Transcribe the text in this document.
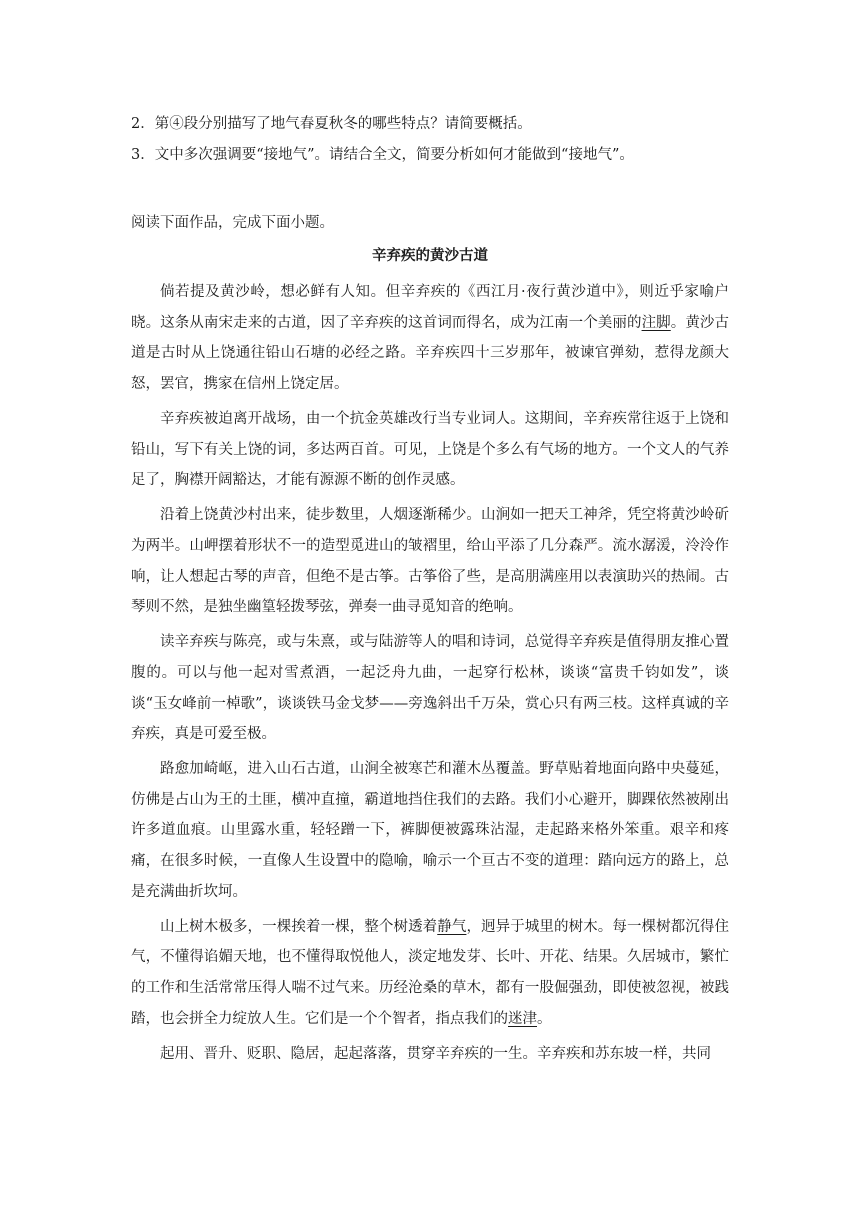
2．第④段分别描写了地气春夏秋冬的哪些特点？请简要概括。
3．文中多次强调要“接地气”。请结合全文，简要分析如何才能做到“接地气”。
阅读下面作品，完成下面小题。
辛弃疾的黄沙古道

倘若提及黄沙岭，想必鲜有人知。但辛弃疾的《西江月·夜行黄沙道中》，则近乎家喻户晓。这条从南宋走来的古道，因了辛弃疾的这首词而得名，成为江南一个美丽的注脚。黄沙古道是古时从上饶通往铅山石塘的必经之路。辛弃疾四十三岁那年，被谏官弹劾，惹得龙颜大怒，罢官，携家在信州上饶定居。

辛弃疾被迫离开战场，由一个抗金英雄改行当专业词人。这期间，辛弃疾常往返于上饶和铅山，写下有关上饶的词，多达两百首。可见，上饶是个多么有气场的地方。一个文人的气养足了，胸襟开阔豁达，才能有源源不断的创作灵感。

沿着上饶黄沙村出来，徒步数里，人烟逐渐稀少。山涧如一把天工神斧，凭空将黄沙岭斫为两半。山岬摆着形状不一的造型觅进山的皱褶里，给山平添了几分森严。流水潺湲，泠泠作响，让人想起古琴的声音，但绝不是古筝。古筝俗了些，是高朋满座用以表演助兴的热闹。古琴则不然，是独坐幽篁轻拨琴弦，弹奏一曲寻觅知音的绝响。

读辛弃疾与陈亮，或与朱熹，或与陆游等人的唱和诗词，总觉得辛弃疾是值得朋友推心置腹的。可以与他一起对雪煮酒，一起泛舟九曲，一起穿行松林，谈谈“富贵千钧如发”，谈谈“玉女峰前一棹歌”，谈谈铁马金戈梦——旁逸斜出千万朵，赏心只有两三枝。这样真诚的辛弃疾，真是可爱至极。

路愈加崎岖，进入山石古道，山涧全被寒芒和灌木丛覆盖。野草贴着地面向路中央蔓延，仿佛是占山为王的土匪，横冲直撞，霸道地挡住我们的去路。我们小心避开，脚踝依然被剐出许多道血痕。山里露水重，轻轻蹭一下，裤脚便被露珠沾湿，走起路来格外笨重。艰辛和疼痛，在很多时候，一直像人生设置中的隐喻，喻示一个亘古不变的道理：踏向远方的路上，总是充满曲折坎坷。

山上树木极多，一棵挨着一棵，整个树透着静气，迥异于城里的树木。每一棵树都沉得住气，不懂得谄媚天地，也不懂得取悦他人，淡定地发芽、长叶、开花、结果。久居城市，繁忙的工作和生活常常压得人喘不过气来。历经沧桑的草木，都有一股倔强劲，即使被忽视，被践踏，也会拼全力绽放人生。它们是一个个智者，指点我们的迷津。

起用、晋升、贬职、隐居，起起落落，贯穿辛弃疾的一生。辛弃疾和苏东坡一样，共同
